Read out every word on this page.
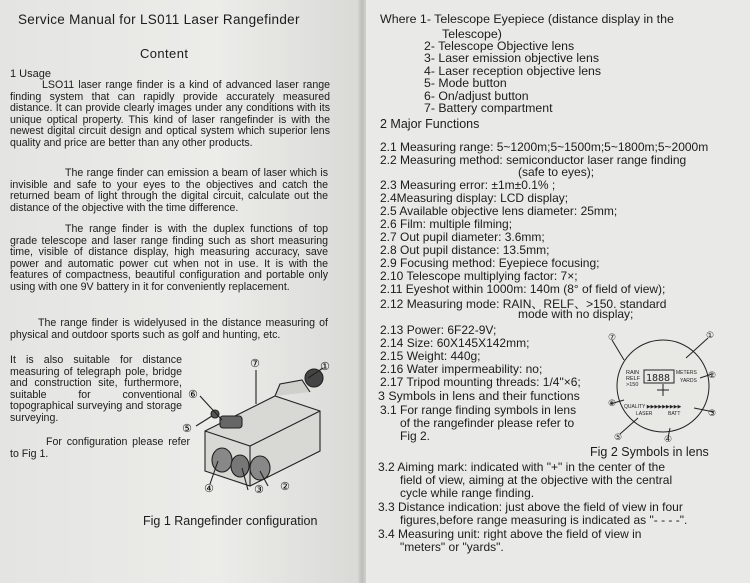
Service Manual for LS011 Laser Rangefinder
Content
1 Usage

LSO11 laser range finder is a kind of advanced laser range finding system that can rapidly provide accurately measured distance. It can provide clearly images under any conditions with its unique optical property. This kind of laser rangefinder is with the newest digital circuit design and optical system which superior lens quality and price are better than any other products.

The range finder can emission a beam of laser which is invisible and safe to your eyes to the objectives and catch the returned beam of light through the digital circuit, calculate out the distance of the objective with the time difference.

The range finder is with the duplex functions of top grade telescope and laser range finding such as short measuring time, visible of distance display, high measuring accuracy, save power and automatic power cut when not in use. It is with the features of compactness, beautiful configuration and portable only using with one 9V battery in it for conveniently replacement.

The range finder is widelyused in the distance measuring of physical and outdoor sports such as golf and hunting, etc.

It is also suitable for distance measuring of telegraph pole, bridge and construction site, furthermore, suitable for conventional topographical surveying and storage surveying.

For configuration please refer to Fig 1.

①
②
③
④
⑤
⑥
⑦
Fig 1 Rangefinder configuration
Where 1- Telescope Eyepiece (distance display in the
Telescope)
2- Telescope Objective lens
3- Laser emission objective lens
4- Laser reception objective lens
5- Mode button
6- On/adjust button
7- Battery compartment
2 Major Functions
2.1 Measuring range: 5~1200m;5~1500m;5~1800m;5~2000m
2.2 Measuring method: semiconductor laser range finding
(safe to eyes);
2.3 Measuring error: ±1m±0.1% ;
2.4Measuring display: LCD display;
2.5 Available objective lens diameter: 25mm;
2.6 Film: multiple filming;
2.7 Out pupil diameter: 3.6mm;
2.8 Out pupil distance: 13.5mm;
2.9 Focusing method: Eyepiece focusing;
2.10 Telescope multiplying factor: 7×;
2.11 Eyeshot within 1000m: 140m (8° of field of view);
2.12 Measuring mode: RAIN、RELF、>150. standard
mode with no display;
2.13 Power: 6F22-9V;
2.14 Size: 60X145X142mm;
2.15 Weight: 440g;
2.16 Water impermeability: no;
2.17 Tripod mounting threads: 1/4"×6;
3 Symbols in lens and their functions
3.1 For range finding symbols in lens
of the rangefinder please refer to
Fig 2.
RAIN
RELF
>150
1888 METERS
YARDS
QUALITY ▶▶▶▶▶▶▶▶▶
LASER	BATT
⑦	①
②
③
④
⑤
⑥
Fig 2 Symbols in lens
3.2 Aiming mark: indicated with "+" in the center of the
field of view, aiming at the objective with the central
cycle while range finding.
3.3 Distance indication: just above the field of view in four
figures,before range measuring is indicated as "- - - -".
3.4 Measuring unit: right above the field of view in
"meters" or "yards".
